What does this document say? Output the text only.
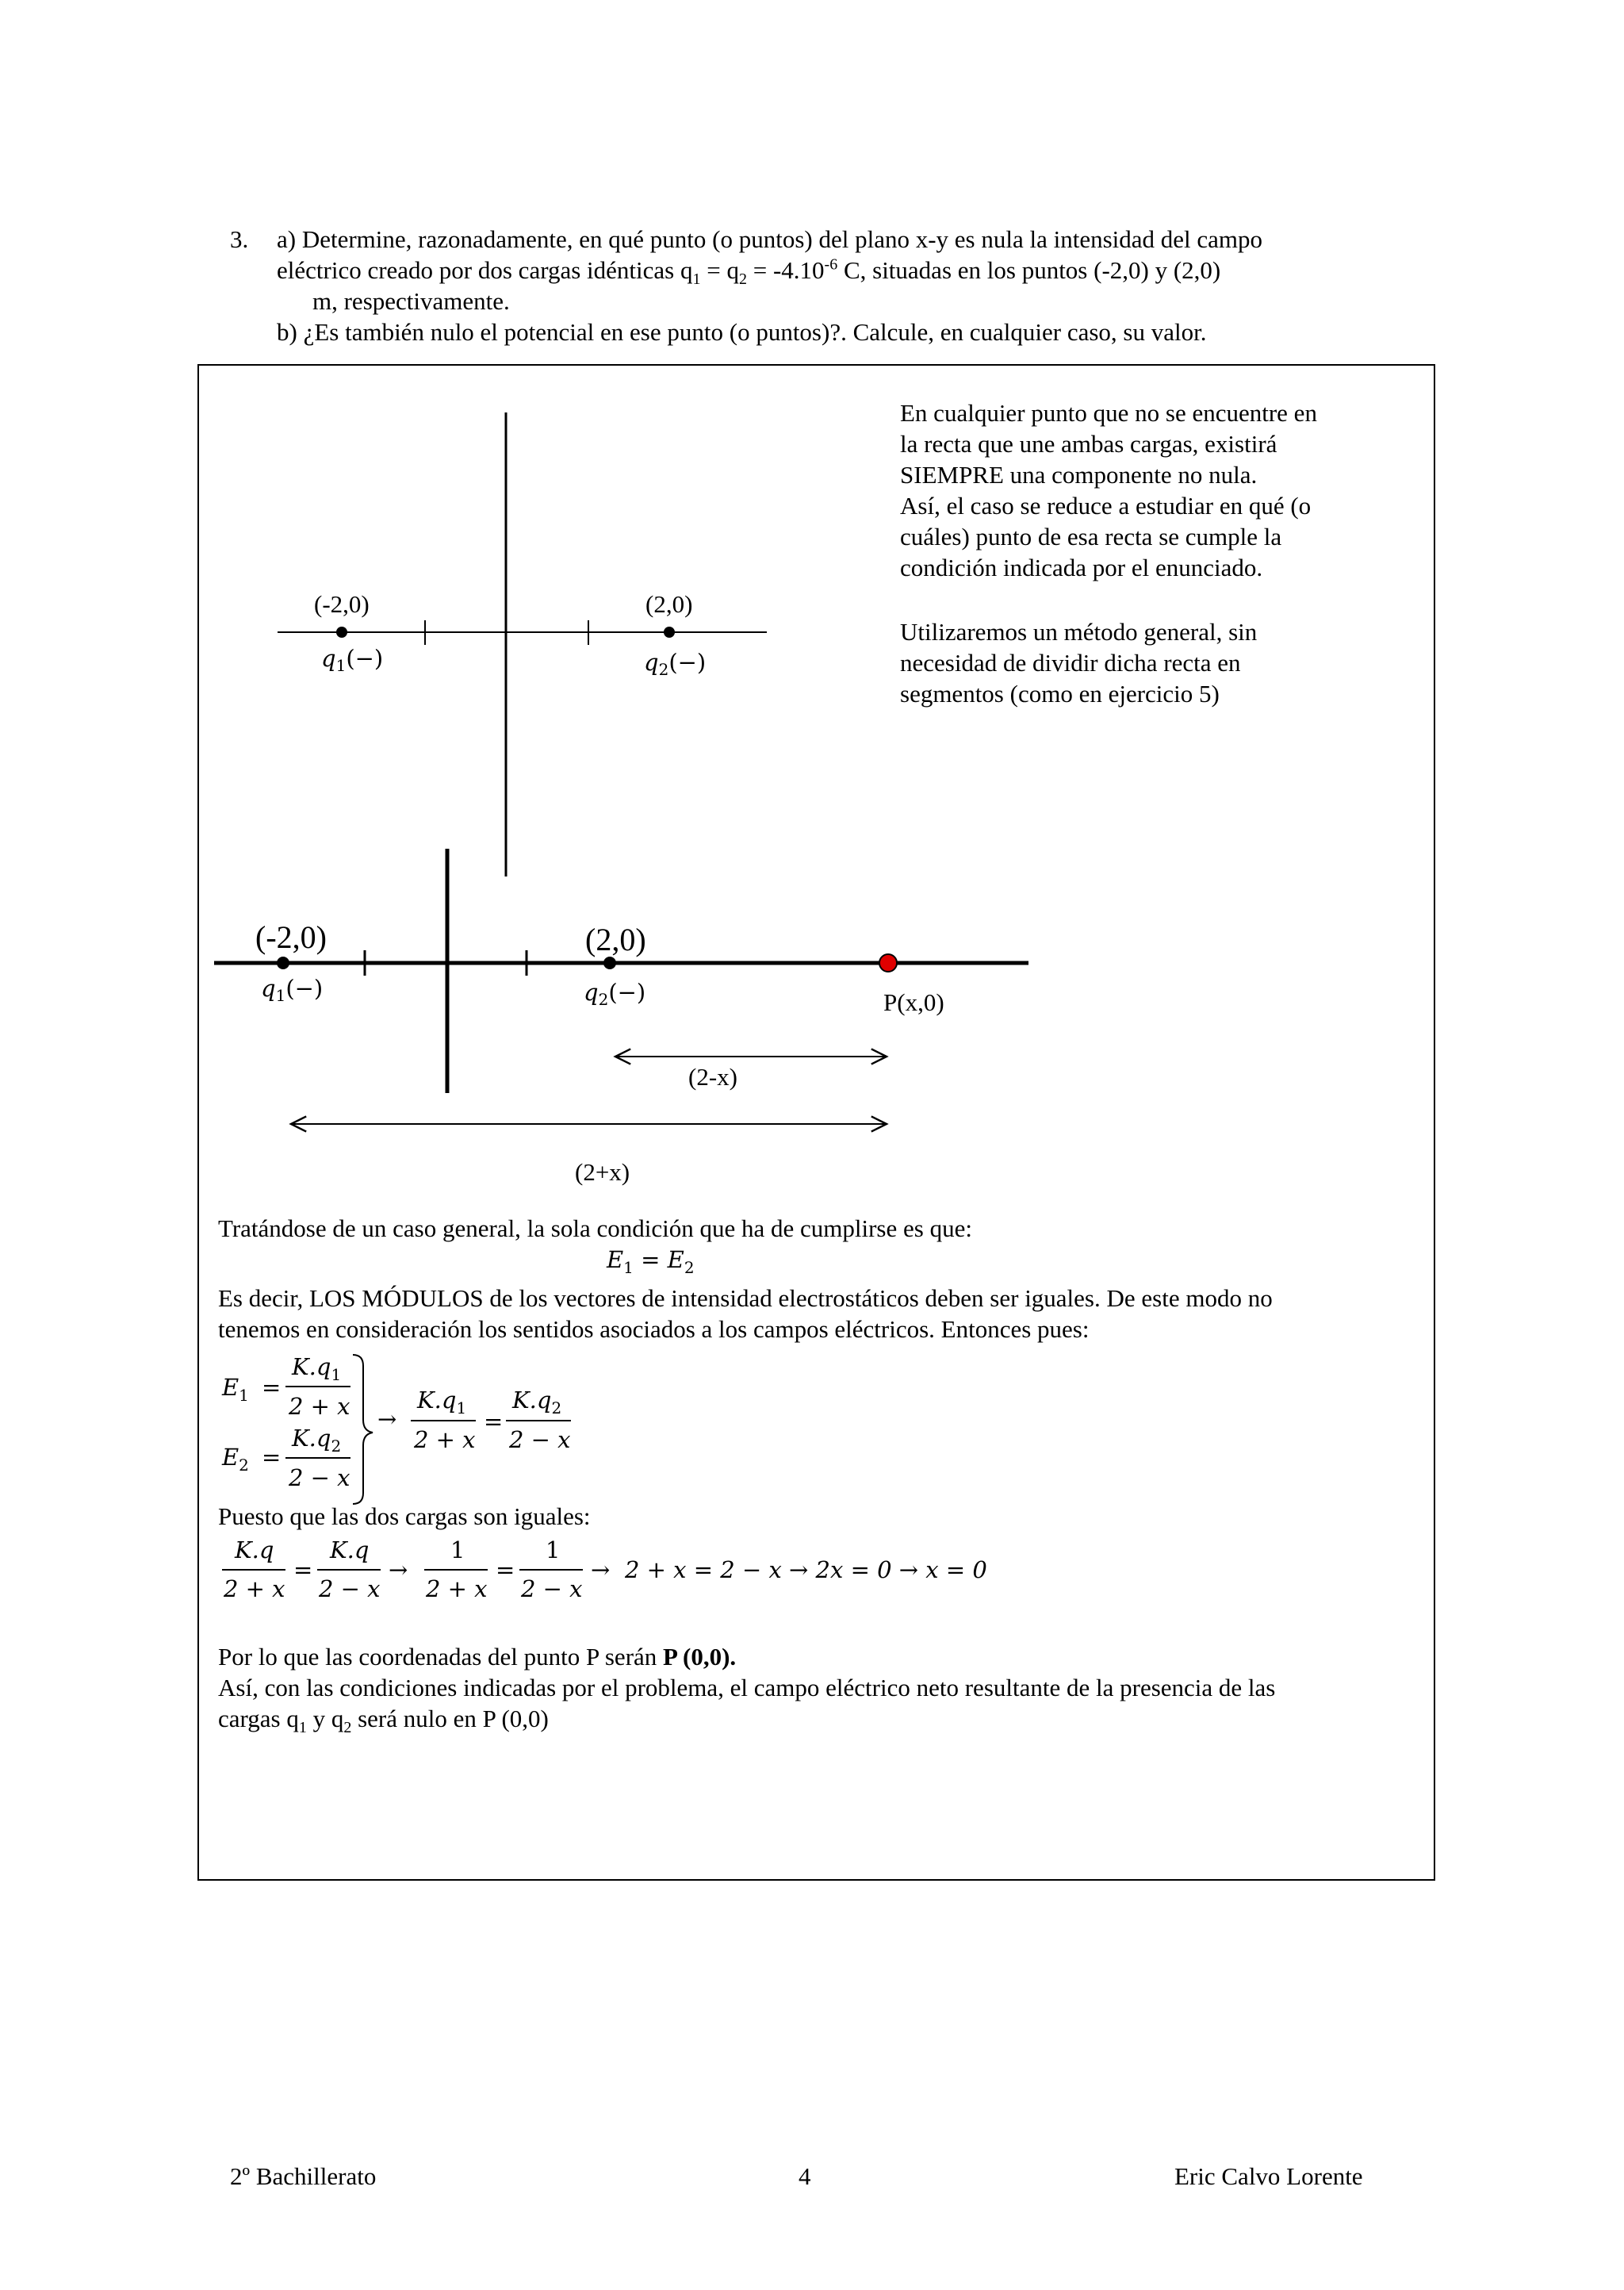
3. a) Determine, razonadamente, en qué punto (o puntos) del plano x-y es nula la intensidad del campo
eléctrico creado por dos cargas idénticas $q_1 = q_2 = -4.10^{-6}$ C, situadas en los puntos (-2,0) y (2,0)
m, respectivamente.
b) ¿Es también nulo el potencial en ese punto (o puntos)?. Calcule, en cualquier caso, su valor.
En cualquier punto que no se encuentre en
la recta que une ambas cargas, existirá
SIEMPRE una componente no nula.
Así, el caso se reduce a estudiar en qué (o
cuáles) punto de esa recta se cumple la
condición indicada por el enunciado.
Utilizaremos un método general, sin
necesidad de dividir dicha recta en
segmentos (como en ejercicio 5)
(-2,0)	(2,0)
$q_1(-)$	$q_2(-)$
(-2,0)	(2,0)
$q_1(-)$	$q_2(-)$	P(x,0)
(2-x)
(2+x)
Tratándose de un caso general, la sola condición que ha de cumplirse es que:
$E_1 = E_2$
Es decir, LOS MÓDULOS de los vectores de intensidad electrostáticos deben ser iguales. De este modo no
tenemos en consideración los sentidos asociados a los campos eléctricos. Entonces pues:
$E_1$ =
$K.q_1$
2 + x
$E_2$ =
$K.q_2$
2 − x
→
$K.q_1$
2 + x
=
$K.q_2$
2 − x
Puesto que las dos cargas son iguales:
K.q
2 + x
=
K.q
2 − x
→
1
2 + x
=
1
2 − x
→ 2 + x = 2 − x → 2x = 0 → x = 0
Por lo que las coordenadas del punto P serán P (0,0).
Así, con las condiciones indicadas por el problema, el campo eléctrico neto resultante de la presencia de las
cargas $q_1$ y $q_2$ será nulo en P (0,0)
2º Bachillerato	4	Eric Calvo Lorente
